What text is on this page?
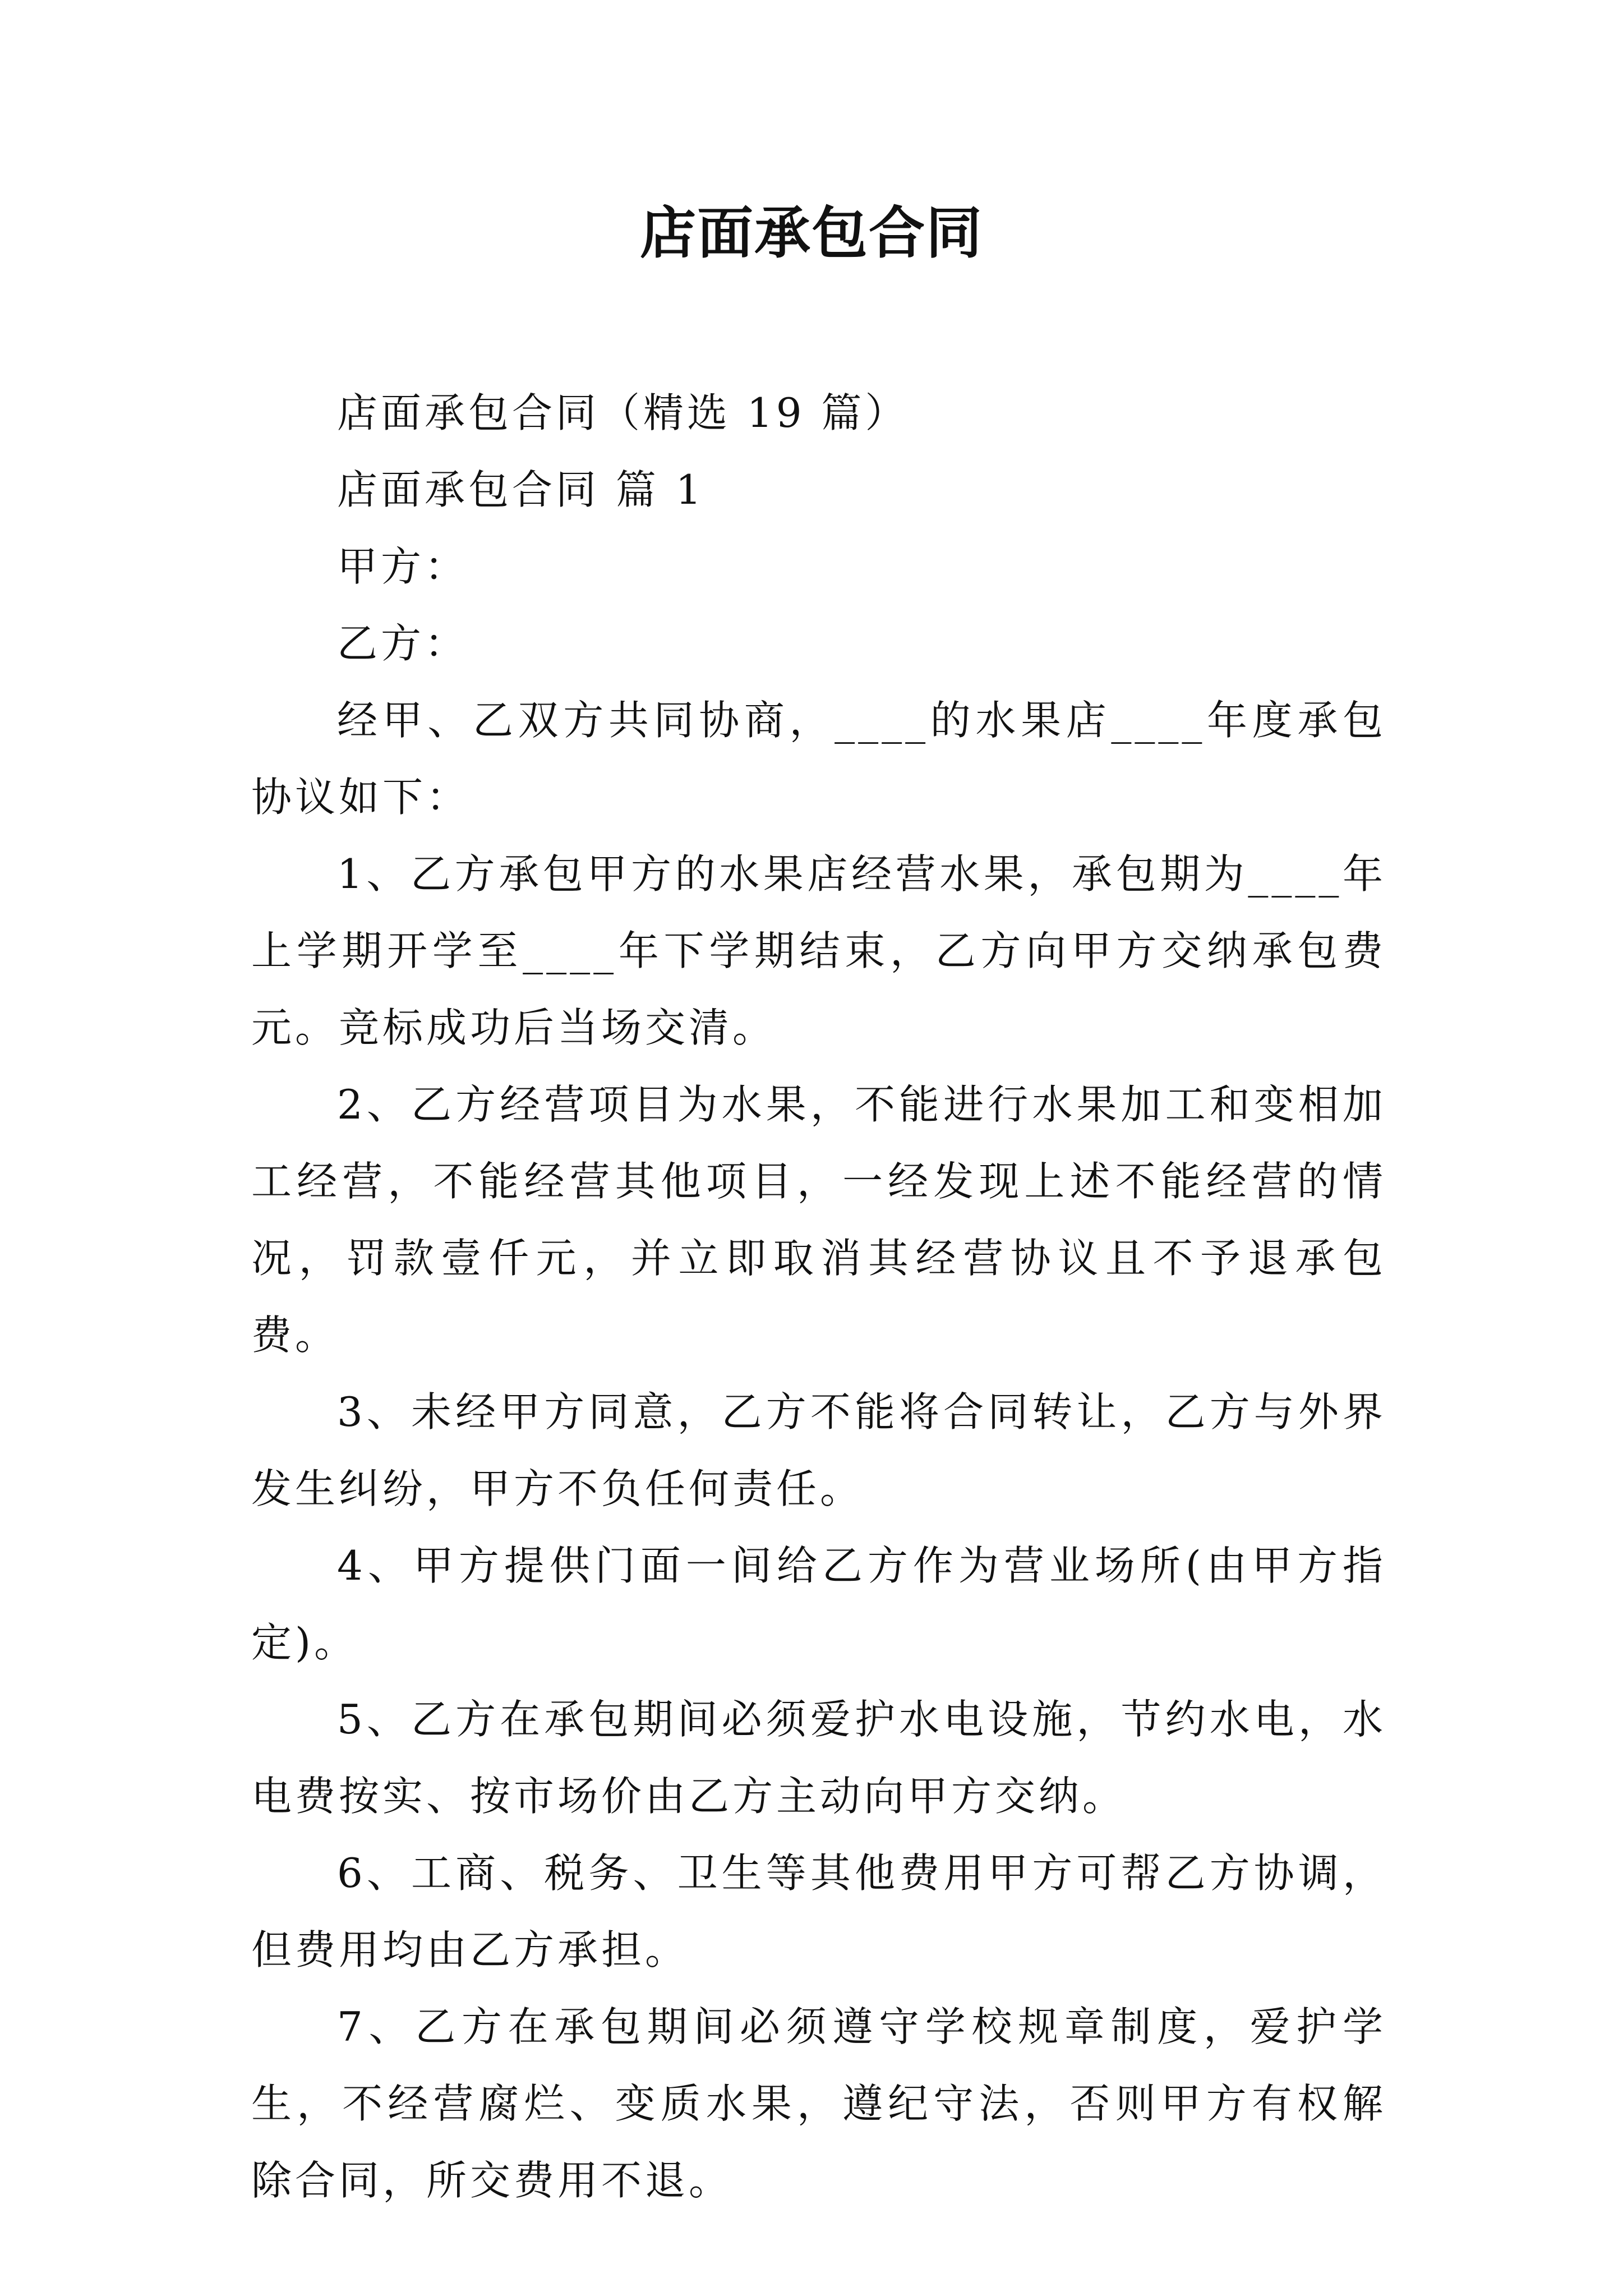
店面承包合同

店面承包合同（精选 19 篇）

店面承包合同 篇 1

甲方：

乙方：

经甲、乙双方共同协商，____的水果店____年度承包协议如下：

1、乙方承包甲方的水果店经营水果，承包期为____年上学期开学至____年下学期结束，乙方向甲方交纳承包费元。竞标成功后当场交清。

2、乙方经营项目为水果，不能进行水果加工和变相加工经营，不能经营其他项目，一经发现上述不能经营的情况，罚款壹仟元，并立即取消其经营协议且不予退承包费。

3、未经甲方同意，乙方不能将合同转让，乙方与外界发生纠纷，甲方不负任何责任。

4、甲方提供门面一间给乙方作为营业场所(由甲方指定)。

5、乙方在承包期间必须爱护水电设施，节约水电，水电费按实、按市场价由乙方主动向甲方交纳。

6、工商、税务、卫生等其他费用甲方可帮乙方协调，但费用均由乙方承担。

7、乙方在承包期间必须遵守学校规章制度，爱护学生，不经营腐烂、变质水果，遵纪守法，否则甲方有权解除合同，所交费用不退。
